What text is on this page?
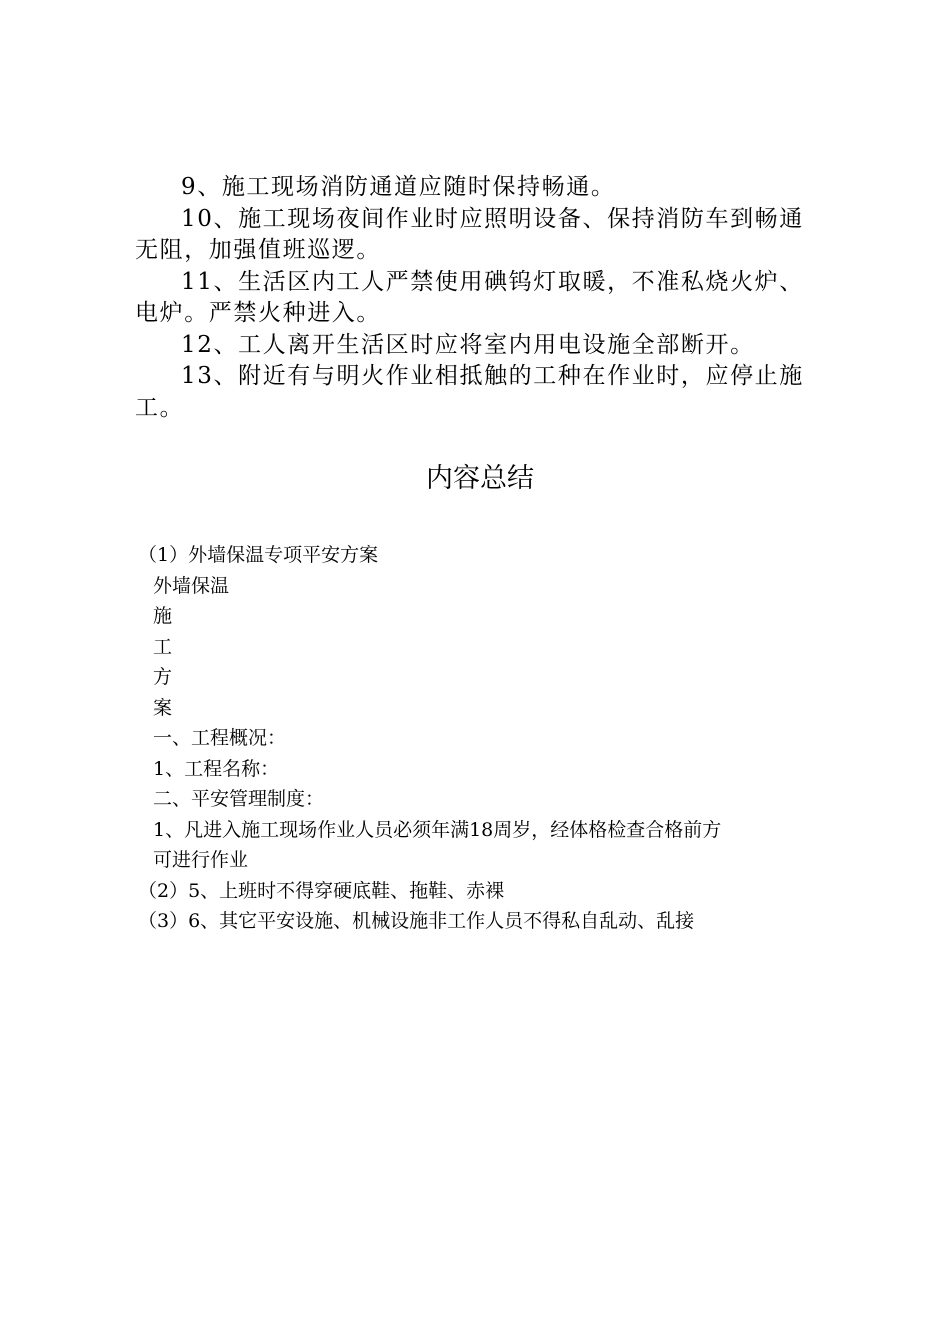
9、施工现场消防通道应随时保持畅通。

10、施工现场夜间作业时应照明设备、保持消防车到畅通无阻，加强值班巡逻。

11、生活区内工人严禁使用碘钨灯取暖，不准私烧火炉、电炉。严禁火种进入。

12、工人离开生活区时应将室内用电设施全部断开。

13、附近有与明火作业相抵触的工种在作业时，应停止施工。

内容总结
（1）外墙保温专项平安方案
外墙保温
施
工
方
案
一、工程概况：
1、工程名称：
二、平安管理制度：
1、凡进入施工现场作业人员必须年满18周岁，经体格检查合格前方
可进行作业
（2）5、上班时不得穿硬底鞋、拖鞋、赤裸
（3）6、其它平安设施、机械设施非工作人员不得私自乱动、乱接
